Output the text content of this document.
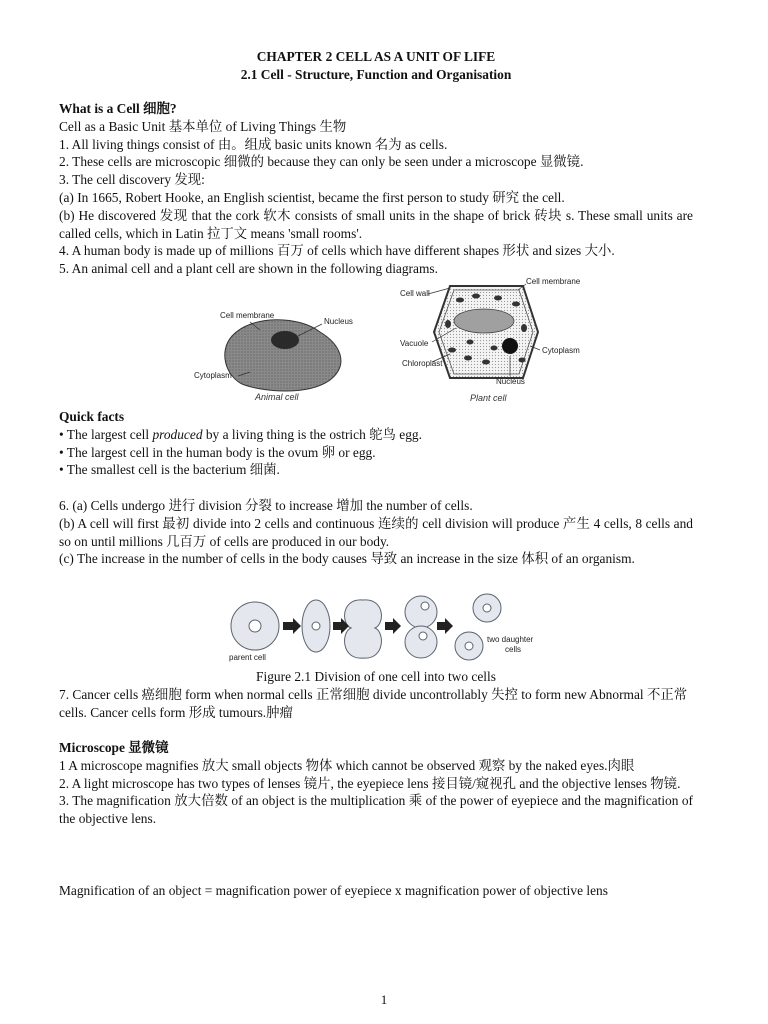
CHAPTER 2 CELL AS A UNIT OF LIFE

2.1 Cell - Structure, Function and Organisation

What is a Cell 细胞?

Cell as a Basic Unit 基本单位 of Living Things 生物

1. All living things consist of 由。组成 basic units known 名为 as cells.

2. These cells are microscopic 细微的 because they can only be seen under a microscope 显微镜.

3. The cell discovery 发现:

(a) In 1665, Robert Hooke, an English scientist, became the first person to study 研究 the cell.

(b) He discovered 发现 that the cork 软木 consists of small units in the shape of brick 砖块 s. These small units are called cells, which in Latin 拉丁文 means 'small rooms'.

4. A human body is made up of millions 百万 of cells which have different shapes 形状 and sizes 大小.

5. An animal cell and a plant cell are shown in the following diagrams.

Cell membrane
Nucleus
Cytoplasm
Animal cell
Cell wall
Cell membrane
Vacuole
Chloroplast
Cytoplasm
Nucleus
Plant cell

Quick facts

• The largest cell produced by a living thing is the ostrich 鸵鸟 egg.

• The largest cell in the human body is the ovum 卵 or egg.

• The smallest cell is the bacterium 细菌.

6. (a) Cells undergo 进行 division 分裂 to increase 增加 the number of cells.

(b) A cell will first 最初 divide into 2 cells and continuous 连续的 cell division will produce 产生 4 cells, 8 cells and so on until millions 几百万 of cells are produced in our body.

(c) The increase in the number of cells in the body causes 导致 an increase in the size 体积 of an organism.

parent cell
two daughter
cells

Figure 2.1 Division of one cell into two cells

7. Cancer cells 癌细胞 form when normal cells 正常细胞 divide uncontrollably 失控 to form new Abnormal 不正常 cells. Cancer cells form 形成 tumours.肿瘤

Microscope 显微镜

1 A microscope magnifies 放大 small objects 物体 which cannot be observed 观察 by the naked eyes.肉眼

2. A light microscope has two types of lenses 镜片, the eyepiece lens 接目镜/窥视孔 and the objective lenses 物镜.

3. The magnification 放大倍数 of an object is the multiplication 乘 of the power of eyepiece and the magnification of the objective lens.

Magnification of an object = magnification power of eyepiece x magnification power of objective lens

1
